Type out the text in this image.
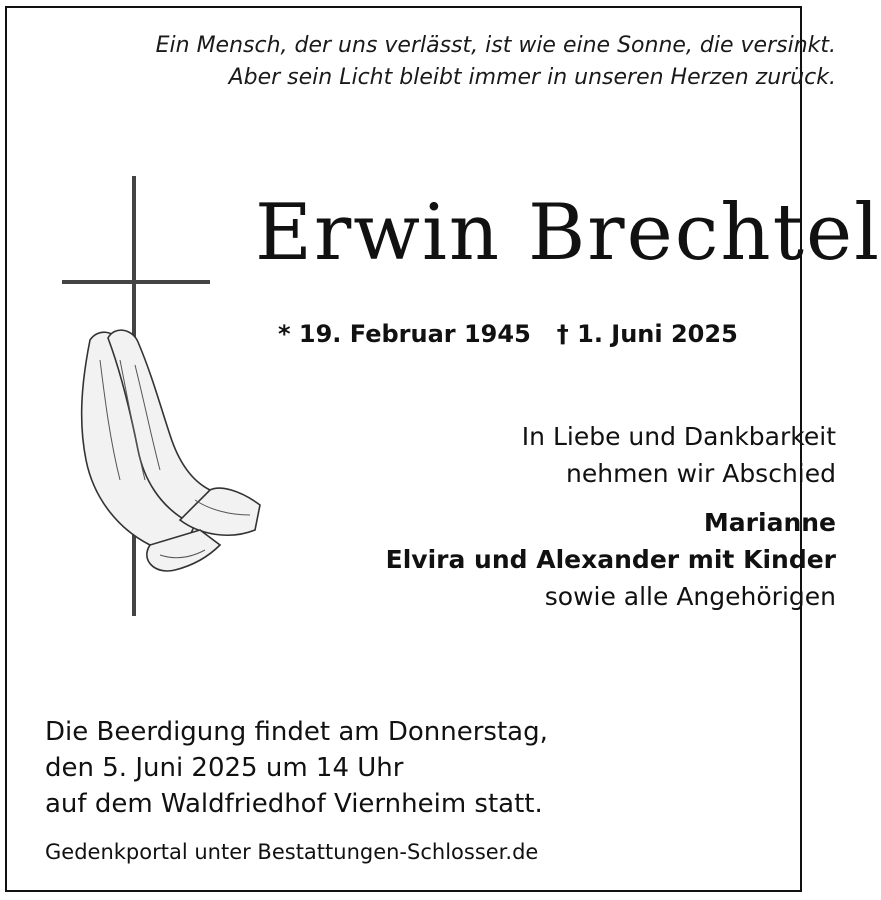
Ein Mensch, der uns verlässt, ist wie eine Sonne, die versinkt.
Aber sein Licht bleibt immer in unseren Herzen zurück.
Erwin Brechtel
* 19. Februar 1945 † 1. Juni 2025
In Liebe und Dankbarkeit
nehmen wir Abschied
Marianne
Elvira und Alexander mit Kinder
sowie alle Angehörigen
Die Beerdigung findet am Donnerstag,
den 5. Juni 2025 um 14 Uhr
auf dem Waldfriedhof Viernheim statt.
Gedenkportal unter Bestattungen-Schlosser.de
